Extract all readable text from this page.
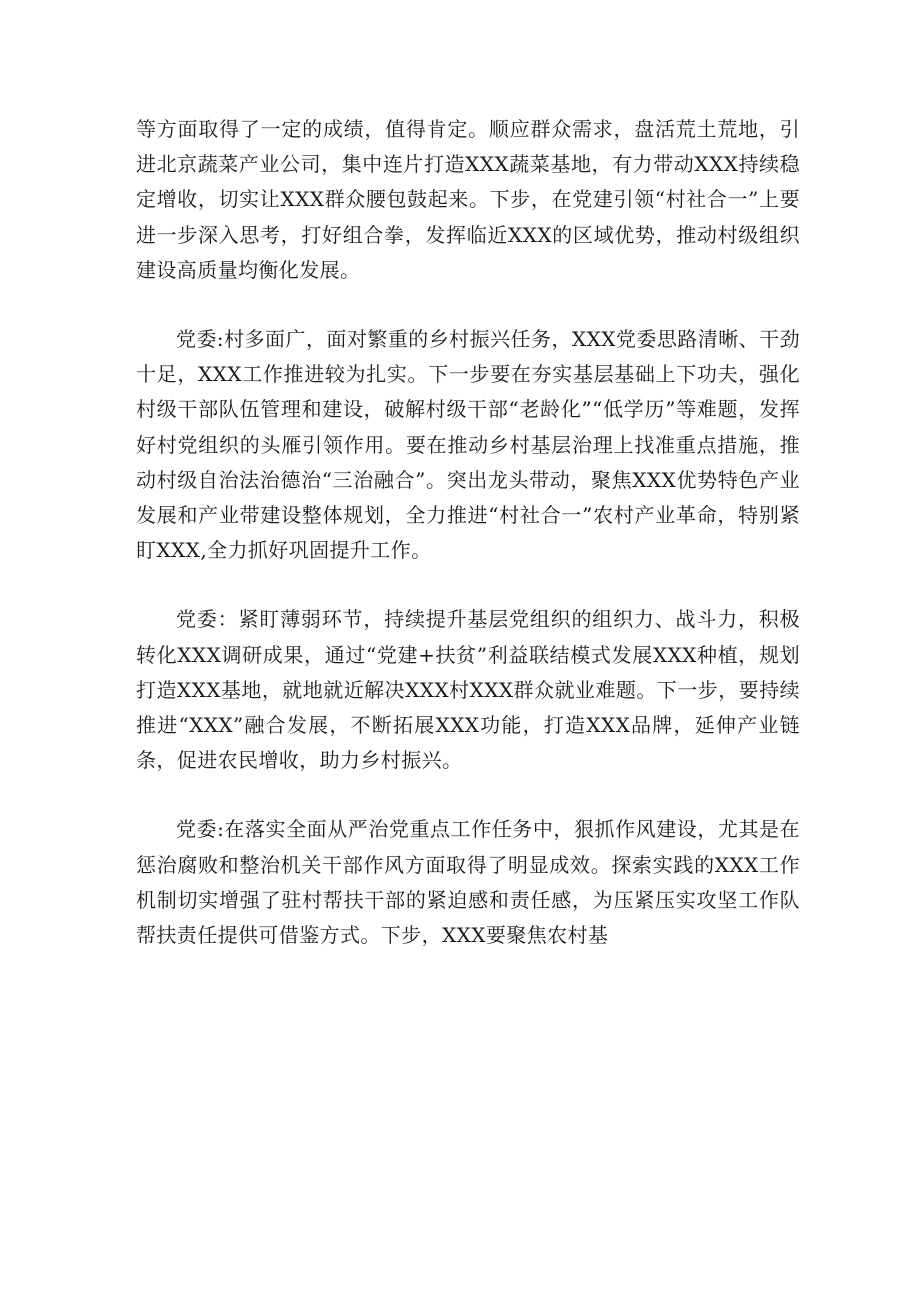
等方面取得了一定的成绩，值得肯定。顺应群众需求，盘活荒土荒地，引进北京蔬菜产业公司，集中连片打造XXX蔬菜基地，有力带动XXX持续稳定增收，切实让XXX群众腰包鼓起来。下步，在党建引领“村社合一”上要进一步深入思考，打好组合拳，发挥临近XXX的区域优势，推动村级组织建设高质量均衡化发展。

党委:村多面广，面对繁重的乡村振兴任务，XXX党委思路清晰、干劲十足，XXX工作推进较为扎实。下一步要在夯实基层基础上下功夫，强化村级干部队伍管理和建设，破解村级干部“老龄化”“低学历”等难题，发挥好村党组织的头雁引领作用。要在推动乡村基层治理上找准重点措施，推动村级自治法治德治“三治融合”。突出龙头带动，聚焦XXX优势特色产业发展和产业带建设整体规划，全力推进“村社合一”农村产业革命，特别紧盯XXX,全力抓好巩固提升工作。

党委：紧盯薄弱环节，持续提升基层党组织的组织力、战斗力，积极转化XXX调研成果，通过“党建+扶贫”利益联结模式发展XXX种植，规划打造XXX基地，就地就近解决XXX村XXX群众就业难题。下一步，要持续推进“XXX”融合发展，不断拓展XXX功能，打造XXX品牌，延伸产业链条，促进农民增收，助力乡村振兴。

党委:在落实全面从严治党重点工作任务中，狠抓作风建设，尤其是在惩治腐败和整治机关干部作风方面取得了明显成效。探索实践的XXX工作机制切实增强了驻村帮扶干部的紧迫感和责任感，为压紧压实攻坚工作队帮扶责任提供可借鉴方式。下步，XXX要聚焦农村基
